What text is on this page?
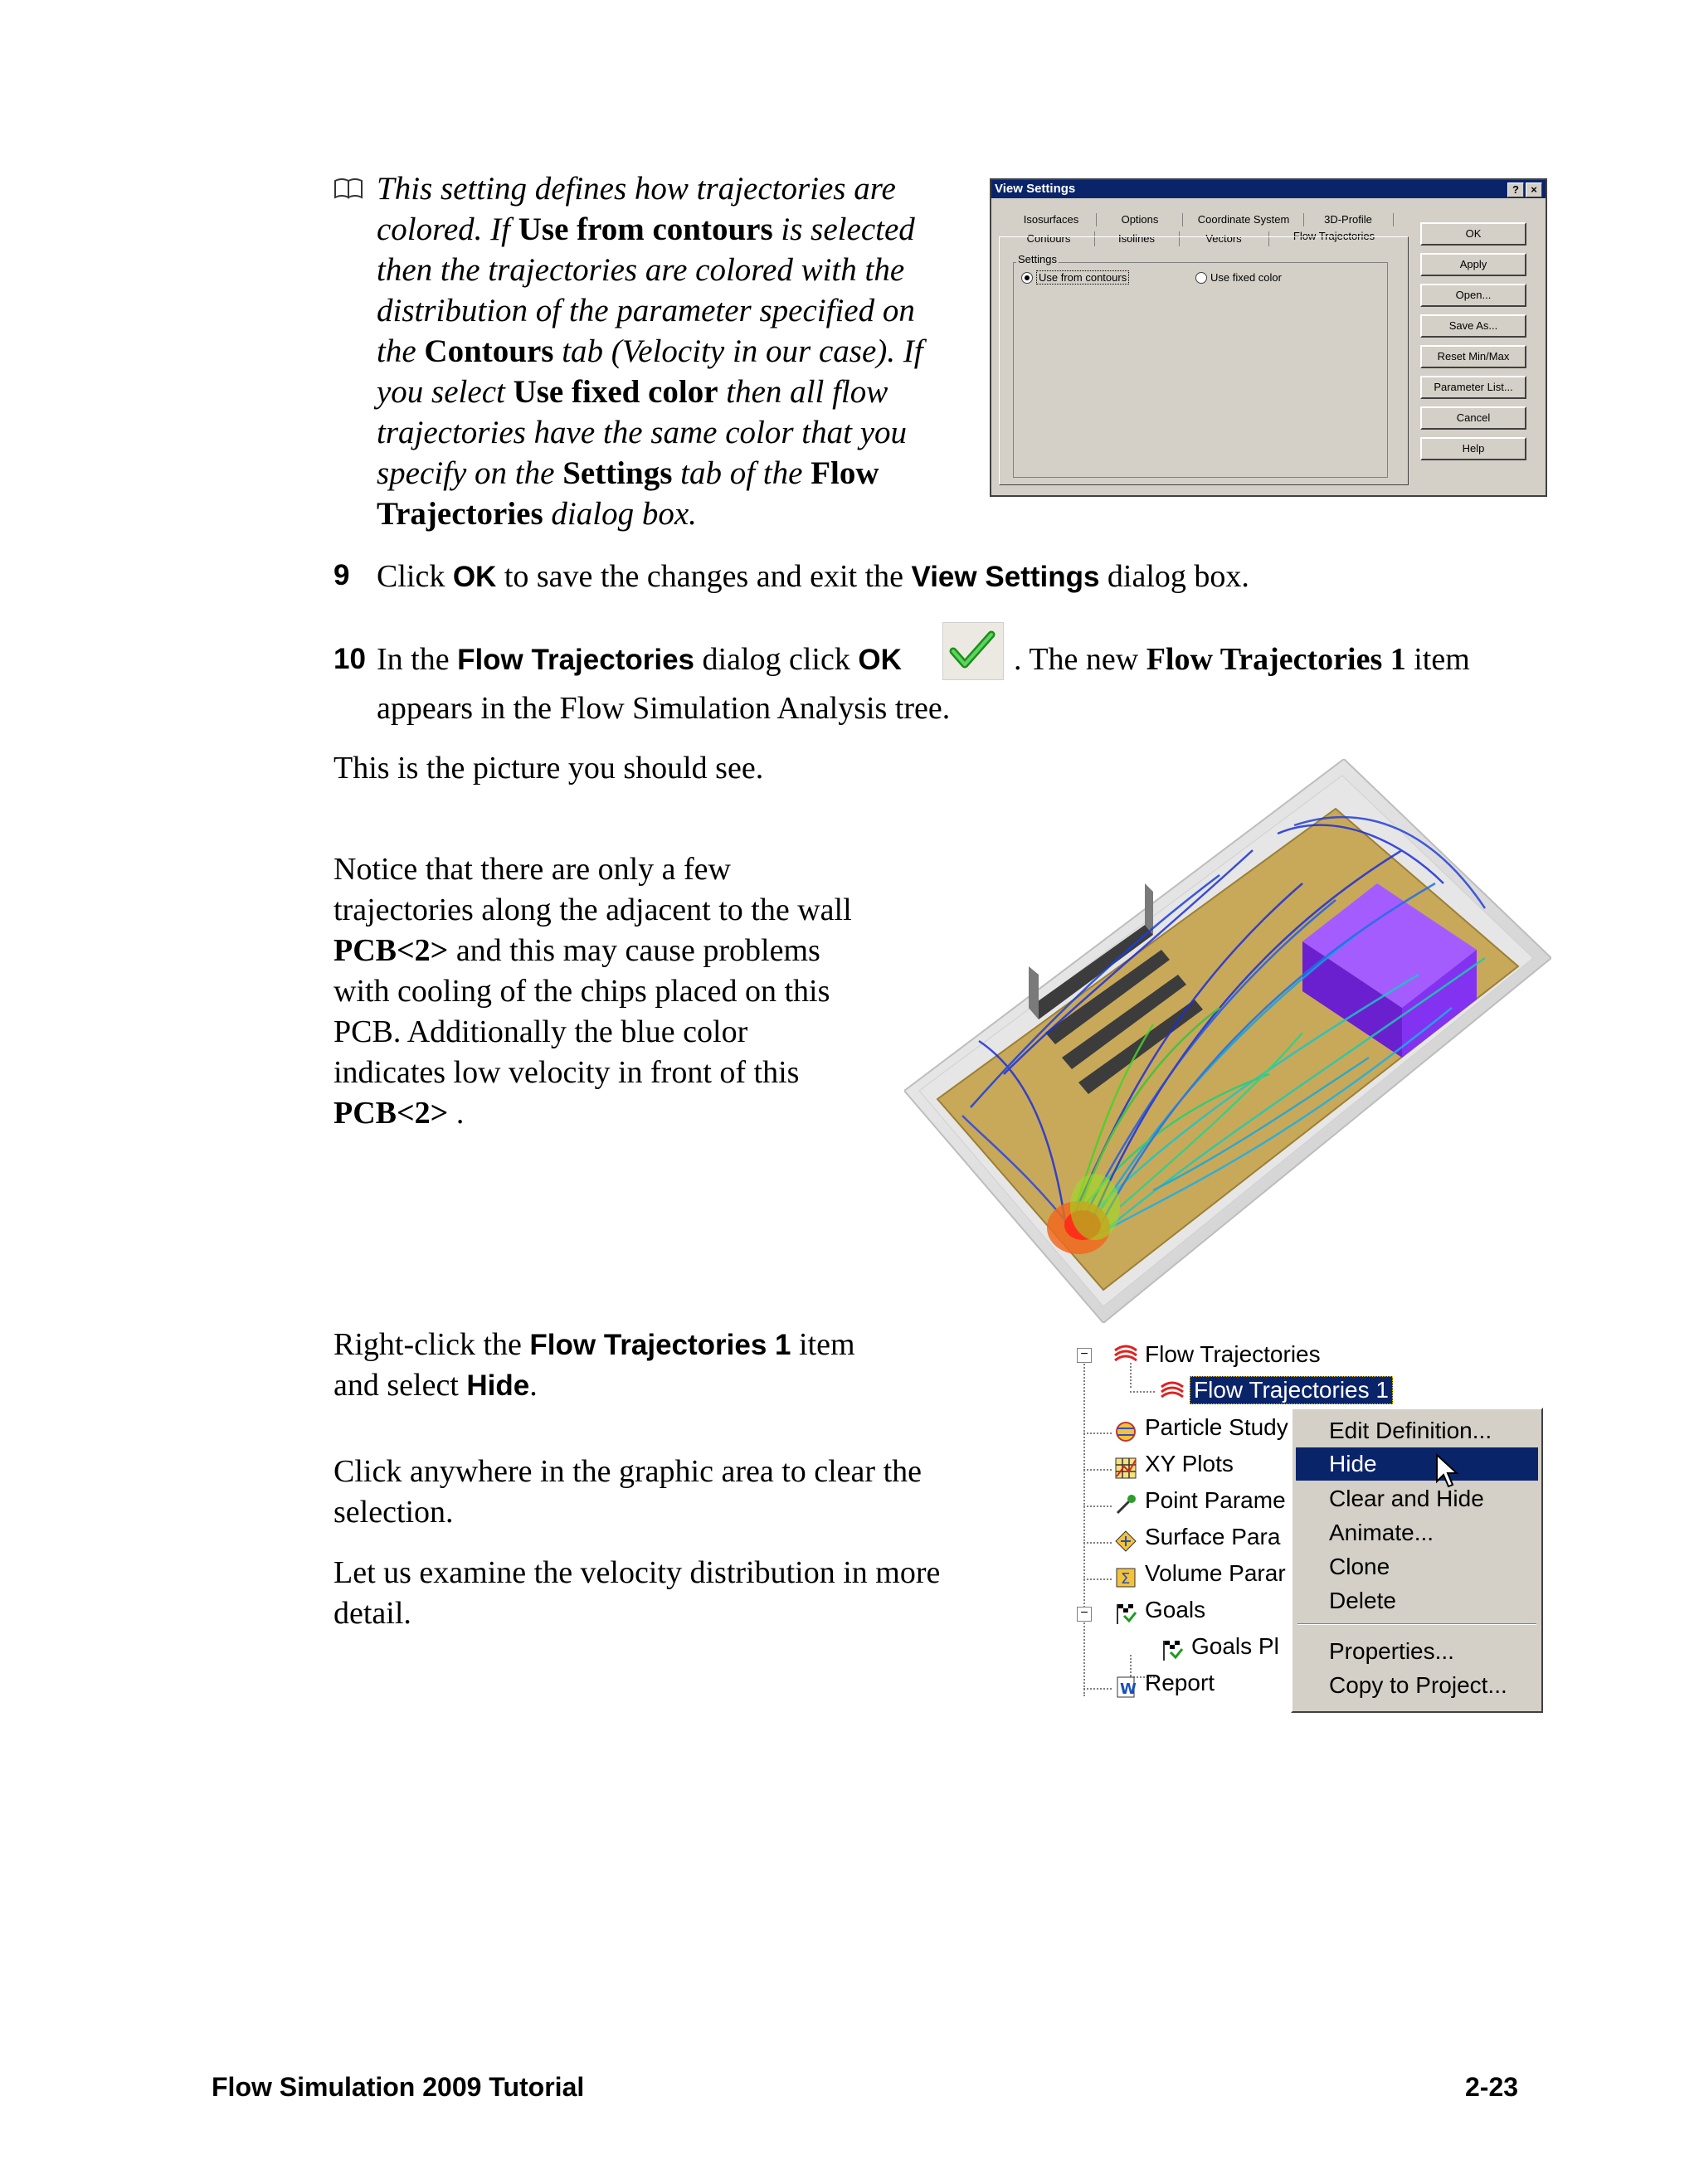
This setting defines how trajectories are
colored. If Use from contours is selected
then the trajectories are colored with the
distribution of the parameter specified on
the Contours tab (Velocity in our case). If
you select Use fixed color then all flow
trajectories have the same color that you
specify on the Settings tab of the Flow
Trajectories dialog box.
View Settings	?	×
Isosurfaces	Options	Coordinate System	3D-Profile
Contours	Isolines	Vectors	Flow Trajectories
Settings
Use from contours	Use fixed color
OK
Apply
Open...
Save As...
Reset Min/Max
Parameter List...
Cancel
Help
9 Click OK to save the changes and exit the View Settings dialog box.
10 In the Flow Trajectories dialog click OK	. The new Flow Trajectories 1 item
appears in the Flow Simulation Analysis tree.
This is the picture you should see.
Notice that there are only a few
trajectories along the adjacent to the wall
PCB<2> and this may cause problems
with cooling of the chips placed on this
PCB. Additionally the blue color
indicates low velocity in front of this
PCB<2> .
Right-click the Flow Trajectories 1 item
and select Hide.
Click anywhere in the graphic area to clear the
selection.
Let us examine the velocity distribution in more
detail.
− Flow Trajectories
Flow Trajectories 1
Particle Study
XY Plots
Point Parame
Surface Para
Σ Volume Parar
− Goals
Goals Pl
W Report
Edit Definition...
Hide
Clear and Hide
Animate...
Clone
Delete
Properties...
Copy to Project...
Flow Simulation 2009 Tutorial	2-23
